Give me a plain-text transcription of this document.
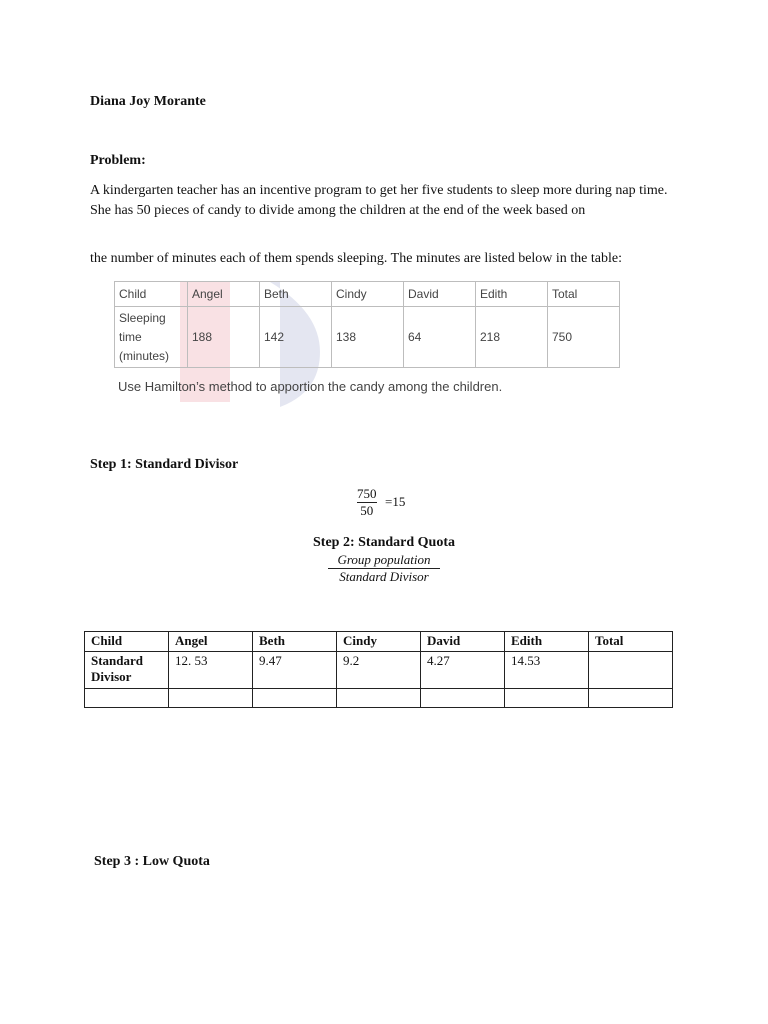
Diana Joy Morante
Problem:
A kindergarten teacher has an incentive program to get her five students to sleep more during nap time. She has 50 pieces of candy to divide among the children at the end of the week based on
the number of minutes each of them spends sleeping. The minutes are listed below in the table:
Child	Angel	Beth	Cindy	David	Edith	Total
Sleeping
time
(minutes)	188	142	138	64	218	750
Use Hamilton’s method to apportion the candy among the children.
Step 1: Standard Divisor
750
50
=15
Step 2: Standard Quota
Group population
Standard Divisor
Child	Angel	Beth	Cindy	David	Edith	Total
Standard Divisor	12. 53	9.47	9.2	4.27	14.53	

Step 3 : Low Quota
